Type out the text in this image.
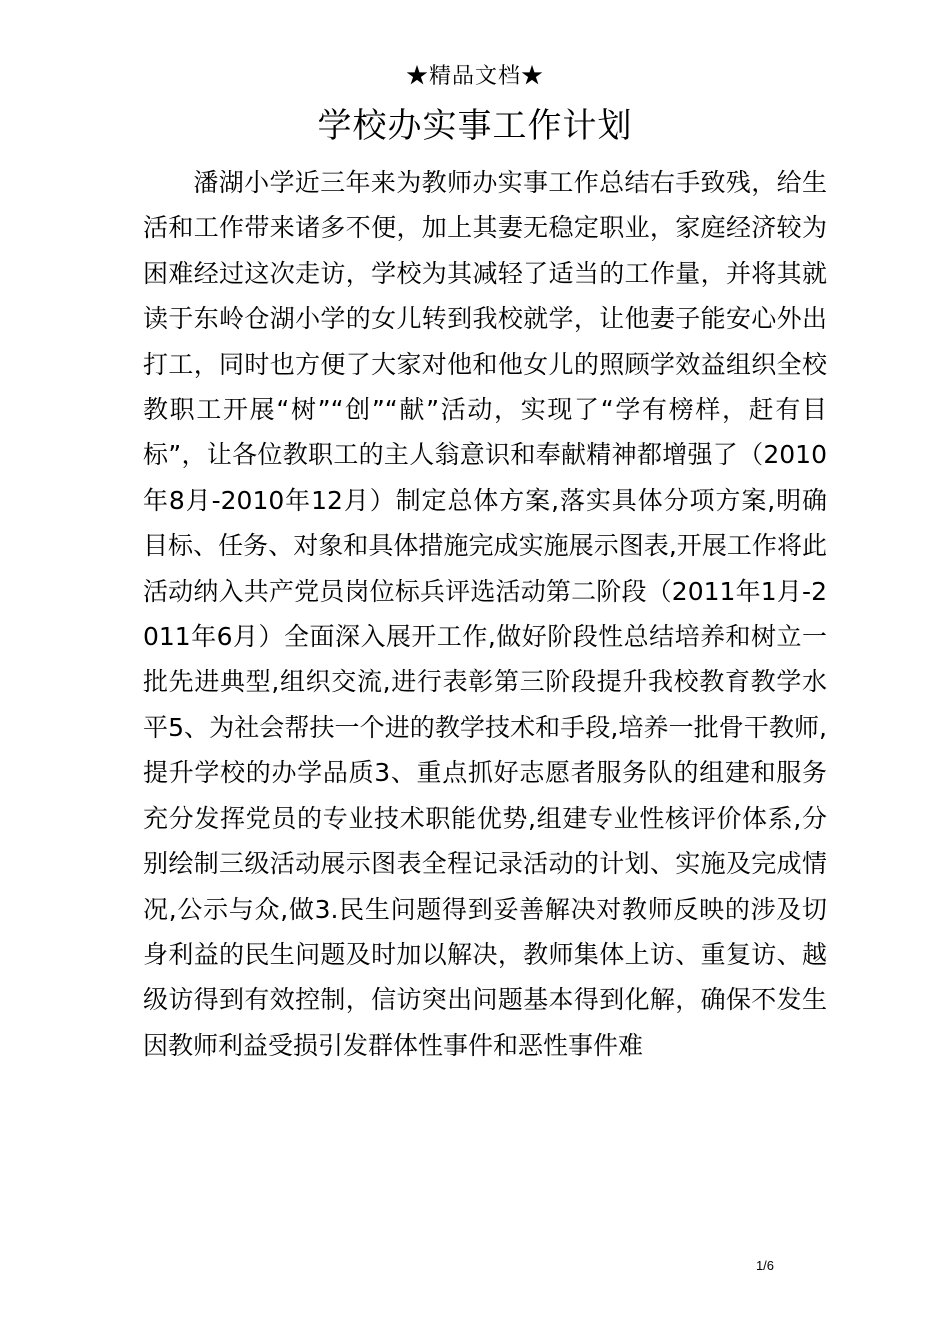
★精品文档★
学校办实事工作计划

潘湖小学近三年来为教师办实事工作总结右手致残，给生活和工作带来诸多不便，加上其妻无稳定职业，家庭经济较为困难经过这次走访，学校为其减轻了适当的工作量，并将其就读于东岭仓湖小学的女儿转到我校就学，让他妻子能安心外出打工，同时也方便了大家对他和他女儿的照顾学效益组织全校教职工开展“树”“创”“献”活动，实现了“学有榜样，赶有目标”，让各位教职工的主人翁意识和奉献精神都增强了（2010年8月-2010年12月）制定总体方案,落实具体分项方案,明确目标、任务、对象和具体措施完成实施展示图表,开展工作将此活动纳入共产党员岗位标兵评选活动第二阶段（2011年1月-2011年6月）全面深入展开工作,做好阶段性总结培养和树立一批先进典型,组织交流,进行表彰第三阶段提升我校教育教学水平5、为社会帮扶一个进的教学技术和手段,培养一批骨干教师,提升学校的办学品质3、重点抓好志愿者服务队的组建和服务充分发挥党员的专业技术职能优势,组建专业性核评价体系,分别绘制三级活动展示图表全程记录活动的计划、实施及完成情况,公示与众,做3.民生问题得到妥善解决对教师反映的涉及切身利益的民生问题及时加以解决，教师集体上访、重复访、越级访得到有效控制，信访突出问题基本得到化解，确保不发生因教师利益受损引发群体性事件和恶性事件难

1/6
